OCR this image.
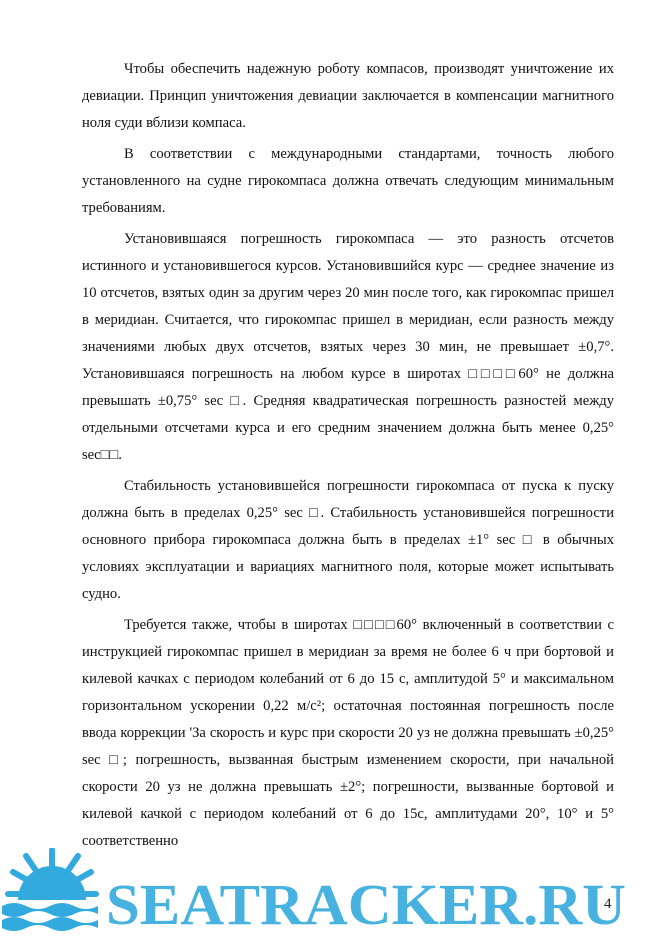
Чтобы обеспечить надежную роботу компасов, производят уничтожение их девиации. Принцип уничтожения девиации заключается в компенсации магнитного ноля суди вблизи компаса.

В соответствии с международными стандартами, точность любого установленного на судне гирокомпаса должна отвечать следующим минимальным требованиям.

Установившаяся погрешность гирокомпаса — это разность отсчетов истинного и установившегося курсов. Установившийся курс — среднее значение из 10 отсчетов, взятых один за другим через 20 мин после того, как гирокомпас пришел в меридиан. Считается, что гирокомпас пришел в меридиан, если разность между значениями любых двух отсчетов, взятых через 30 мин, не превышает ±0,7°. Установившаяся погрешность на любом курсе в широтах □□□□60° не должна превышать ±0,75° sec □. Средняя квадратическая погрешность разностей между отдельными отсчетами курса и его средним значением должна быть менее 0,25° sec□□.

Стабильность установившейся погрешности гирокомпаса от пуска к пуску должна быть в пределах 0,25° sec □. Стабильность установившейся погрешности основного прибора гирокомпаса должна быть в пределах ±1° sec □ в обычных условиях эксплуатации и вариациях магнитного поля, которые может испытывать судно.

Требуется также, чтобы в широтах □□□□60° включенный в соответствии с инструкцией гирокомпас пришел в меридиан за время не более 6 ч при бортовой и килевой качках с периодом колебаний от 6 до 15 с, амплитудой 5° и максимальном горизонтальном ускорении 0,22 м/с²; остаточная постоянная погрешность после ввода коррекции 'За скорость и курс при скорости 20 уз не должна превышать ±0,25° sec □; погрешность, вызванная быстрым изменением скорости, при начальной скорости 20 уз не должна превышать ±2°; погрешности, вызванные бортовой и килевой качкой с периодом колебаний от 6 до 15с, амплитудами 20°, 10° и 5° соответственно

SEATRACKER.RU
4
